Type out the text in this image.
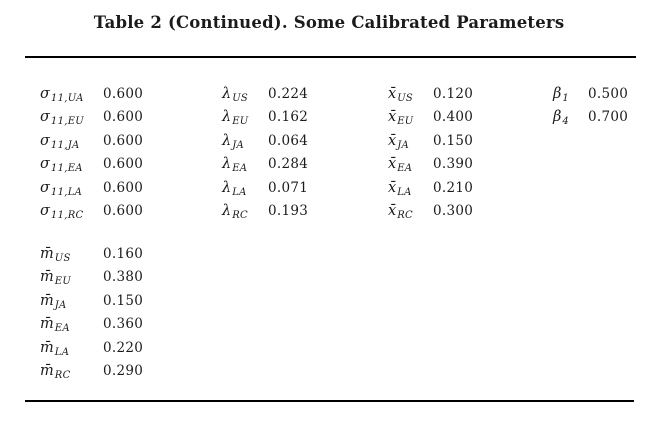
Table 2 (Continued). Some Calibrated Parameters
$\sigma_{11,UA}$ 0.600
$\sigma_{11,EU}$ 0.600
$\sigma_{11,JA}$ 0.600
$\sigma_{11,EA}$ 0.600
$\sigma_{11,LA}$ 0.600
$\sigma_{11,RC}$ 0.600
$\lambda_{US}$ 0.224
$\lambda_{EU}$ 0.162
$\lambda_{JA}$ 0.064
$\lambda_{EA}$ 0.284
$\lambda_{LA}$ 0.071
$\lambda_{RC}$ 0.193
$x̄_{US}$ 0.120
$x̄_{EU}$ 0.400
$x̄_{JA}$ 0.150
$x̄_{EA}$ 0.390
$x̄_{LA}$ 0.210
$x̄_{RC}$ 0.300
$\beta_1$ 0.500
$\beta_4$ 0.700
$m̄_{US}$ 0.160
$m̄_{EU}$ 0.380
$m̄_{JA}$	0.150
$m̄_{EA}$ 0.360
$m̄_{LA}$	0.220
$m̄_{RC}$ 0.290
